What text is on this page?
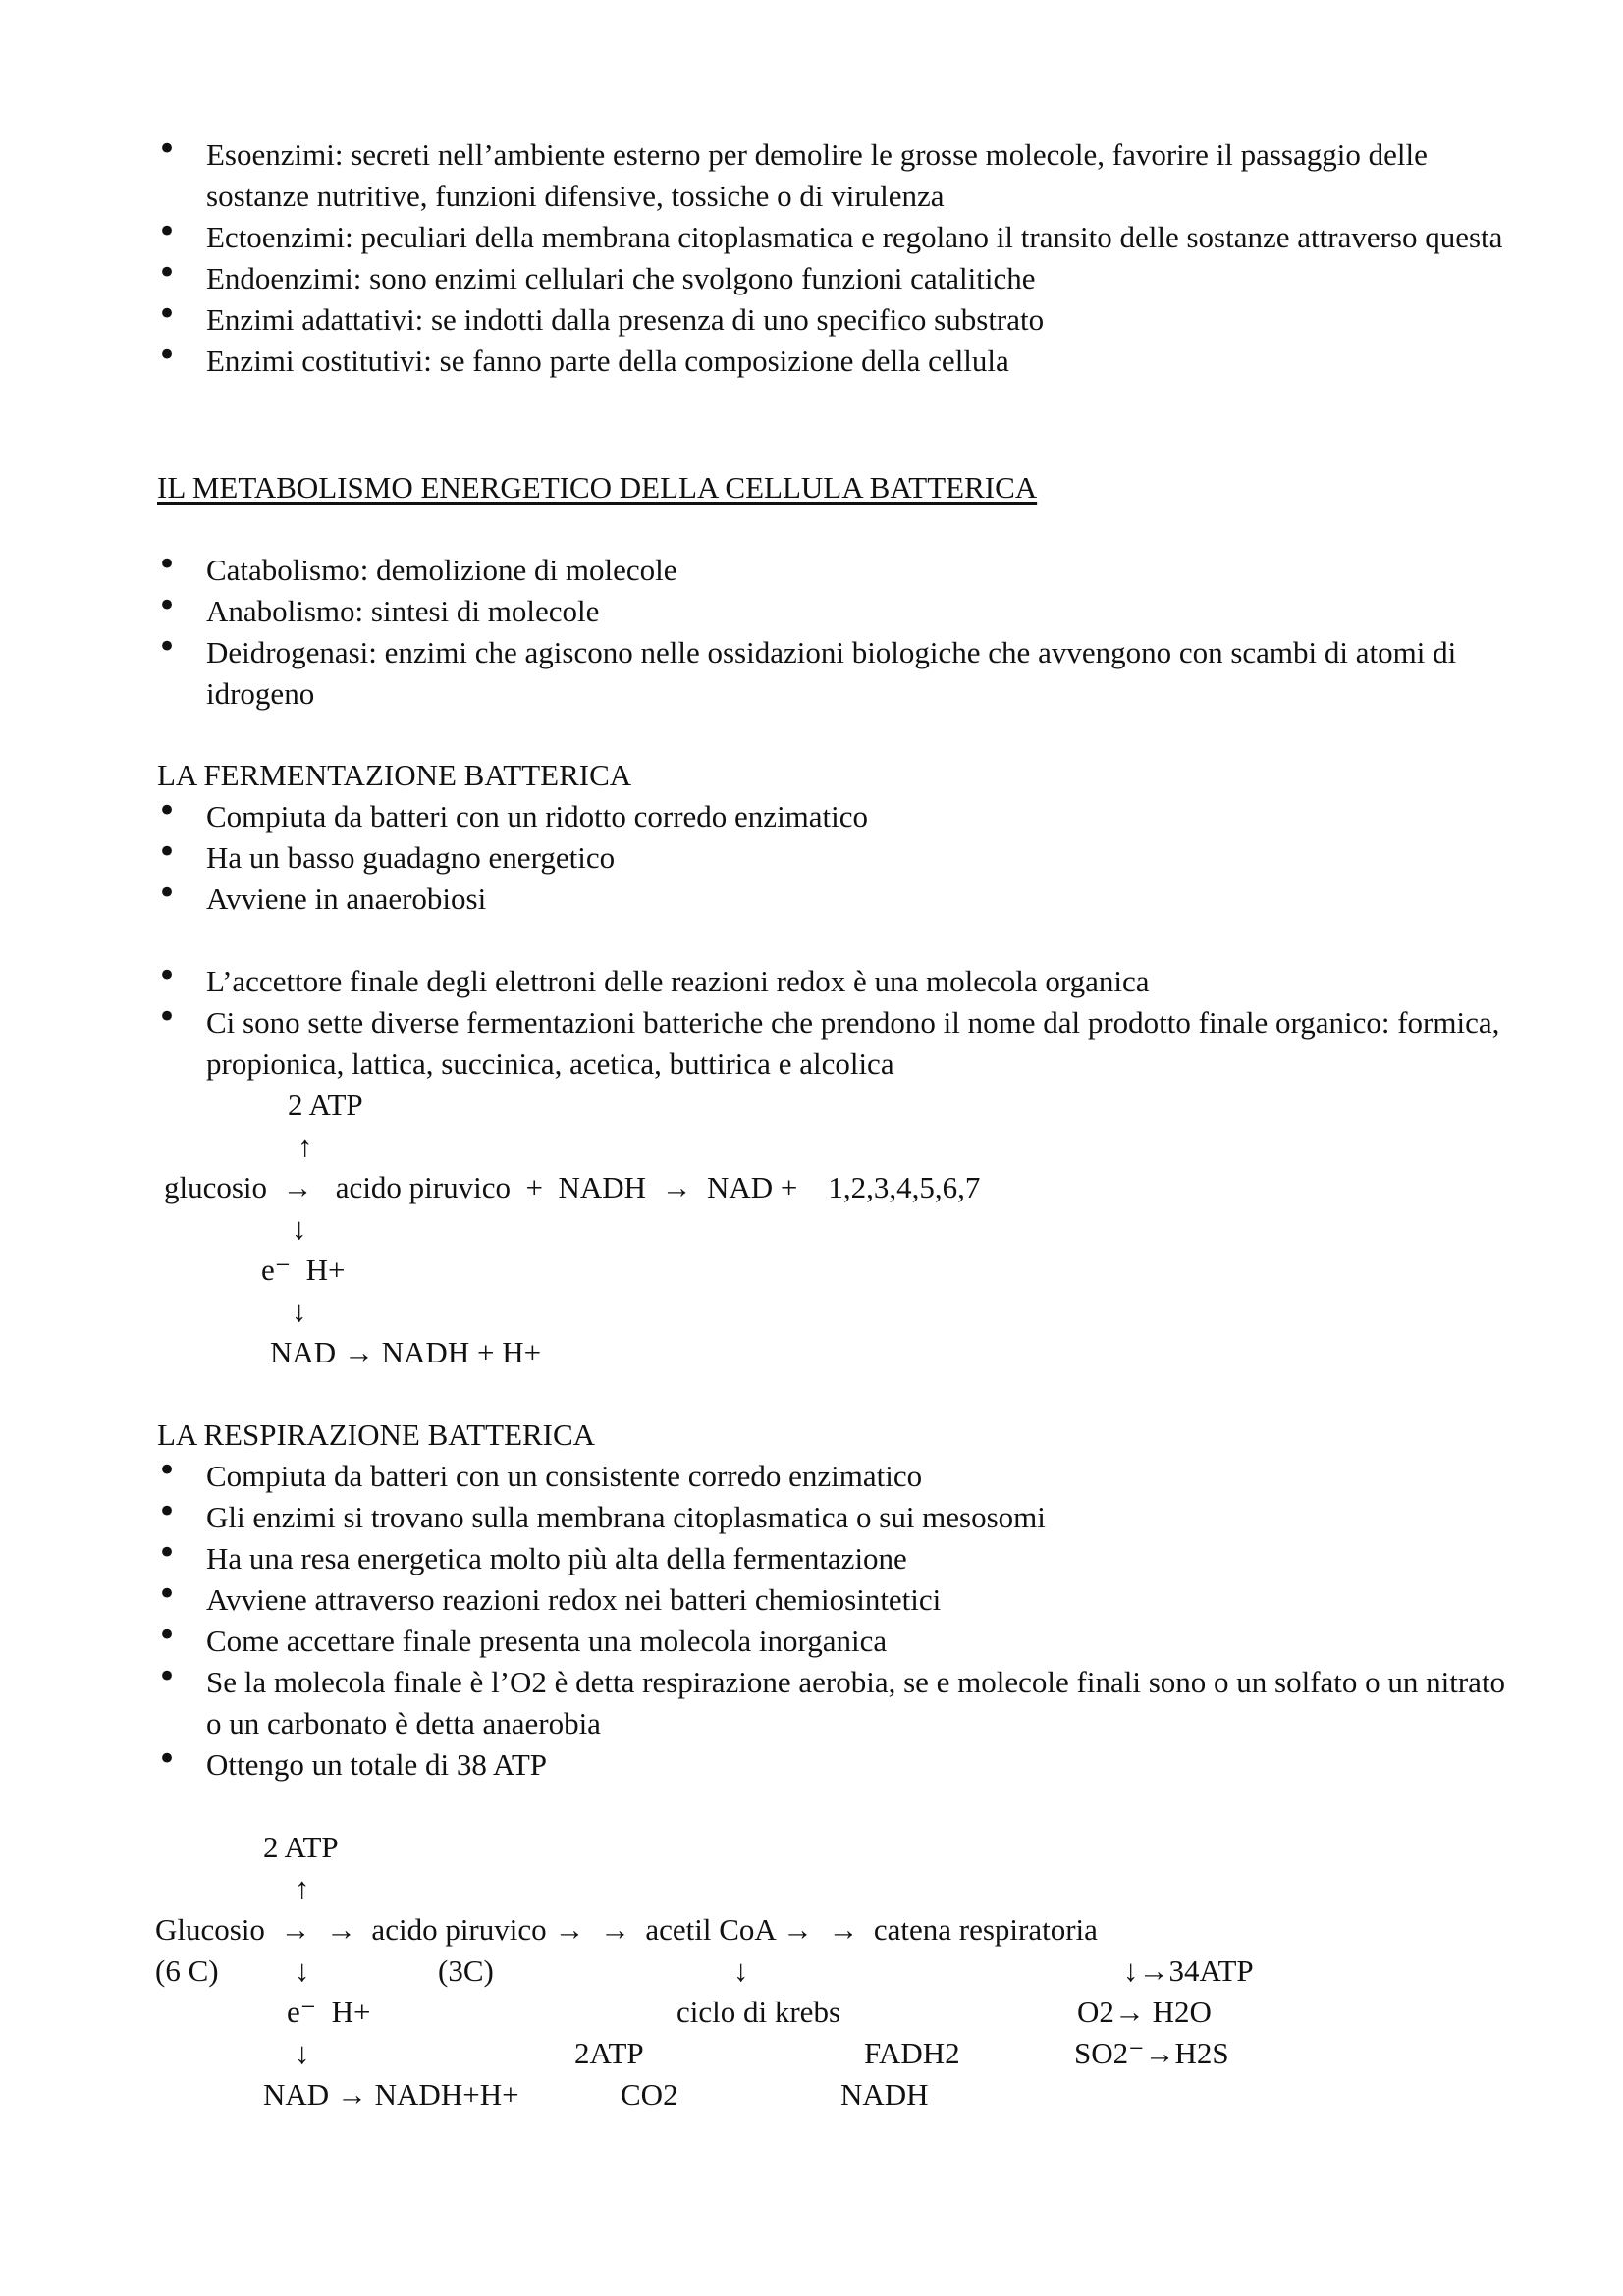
• Esoenzimi: secreti nell’ambiente esterno per demolire le grosse molecole, favorire il passaggio delle sostanze nutritive, funzioni difensive, tossiche o di virulenza
• Ectoenzimi: peculiari della membrana citoplasmatica e regolano il transito delle sostanze attraverso questa
• Endoenzimi: sono enzimi cellulari che svolgono funzioni catalitiche
• Enzimi adattativi: se indotti dalla presenza di uno specifico substrato
• Enzimi costitutivi: se fanno parte della composizione della cellula
IL METABOLISMO ENERGETICO DELLA CELLULA BATTERICA
• Catabolismo: demolizione di molecole
• Anabolismo: sintesi di molecole
• Deidrogenasi: enzimi che agiscono nelle ossidazioni biologiche che avvengono con scambi di atomi di idrogeno
LA FERMENTAZIONE BATTERICA
• Compiuta da batteri con un ridotto corredo enzimatico
• Ha un basso guadagno energetico
• Avviene in anaerobiosi
• L’accettore finale degli elettroni delle reazioni redox è una molecola organica
• Ci sono sette diverse fermentazioni batteriche che prendono il nome dal prodotto finale organico: formica, propionica, lattica, succinica, acetica, buttirica e alcolica
2 ATP
↑
glucosio  →   acido piruvico  +  NADH  →  NAD +    1,2,3,4,5,6,7
↓
e⁻  H+
↓
NAD → NADH + H+
LA RESPIRAZIONE BATTERICA
• Compiuta da batteri con un consistente corredo enzimatico
• Gli enzimi si trovano sulla membrana citoplasmatica o sui mesosomi
• Ha una resa energetica molto più alta della fermentazione
• Avviene attraverso reazioni redox nei batteri chemiosintetici
• Come accettare finale presenta una molecola inorganica
• Se la molecola finale è l’O2 è detta respirazione aerobia, se e molecole finali sono o un solfato o un nitrato o un carbonato è detta anaerobia
• Ottengo un totale di 38 ATP
2 ATP
↑
Glucosio  →  →  acido piruvico →  →  acetil CoA →  →  catena respiratoria
(6 C) ↓	(3C)	↓	↓→34ATP
e⁻  H+	ciclo di krebs	O2→ H2O
↓	2ATP	FADH2	SO2⁻→H2S
NAD → NADH+H+	CO2	NADH
